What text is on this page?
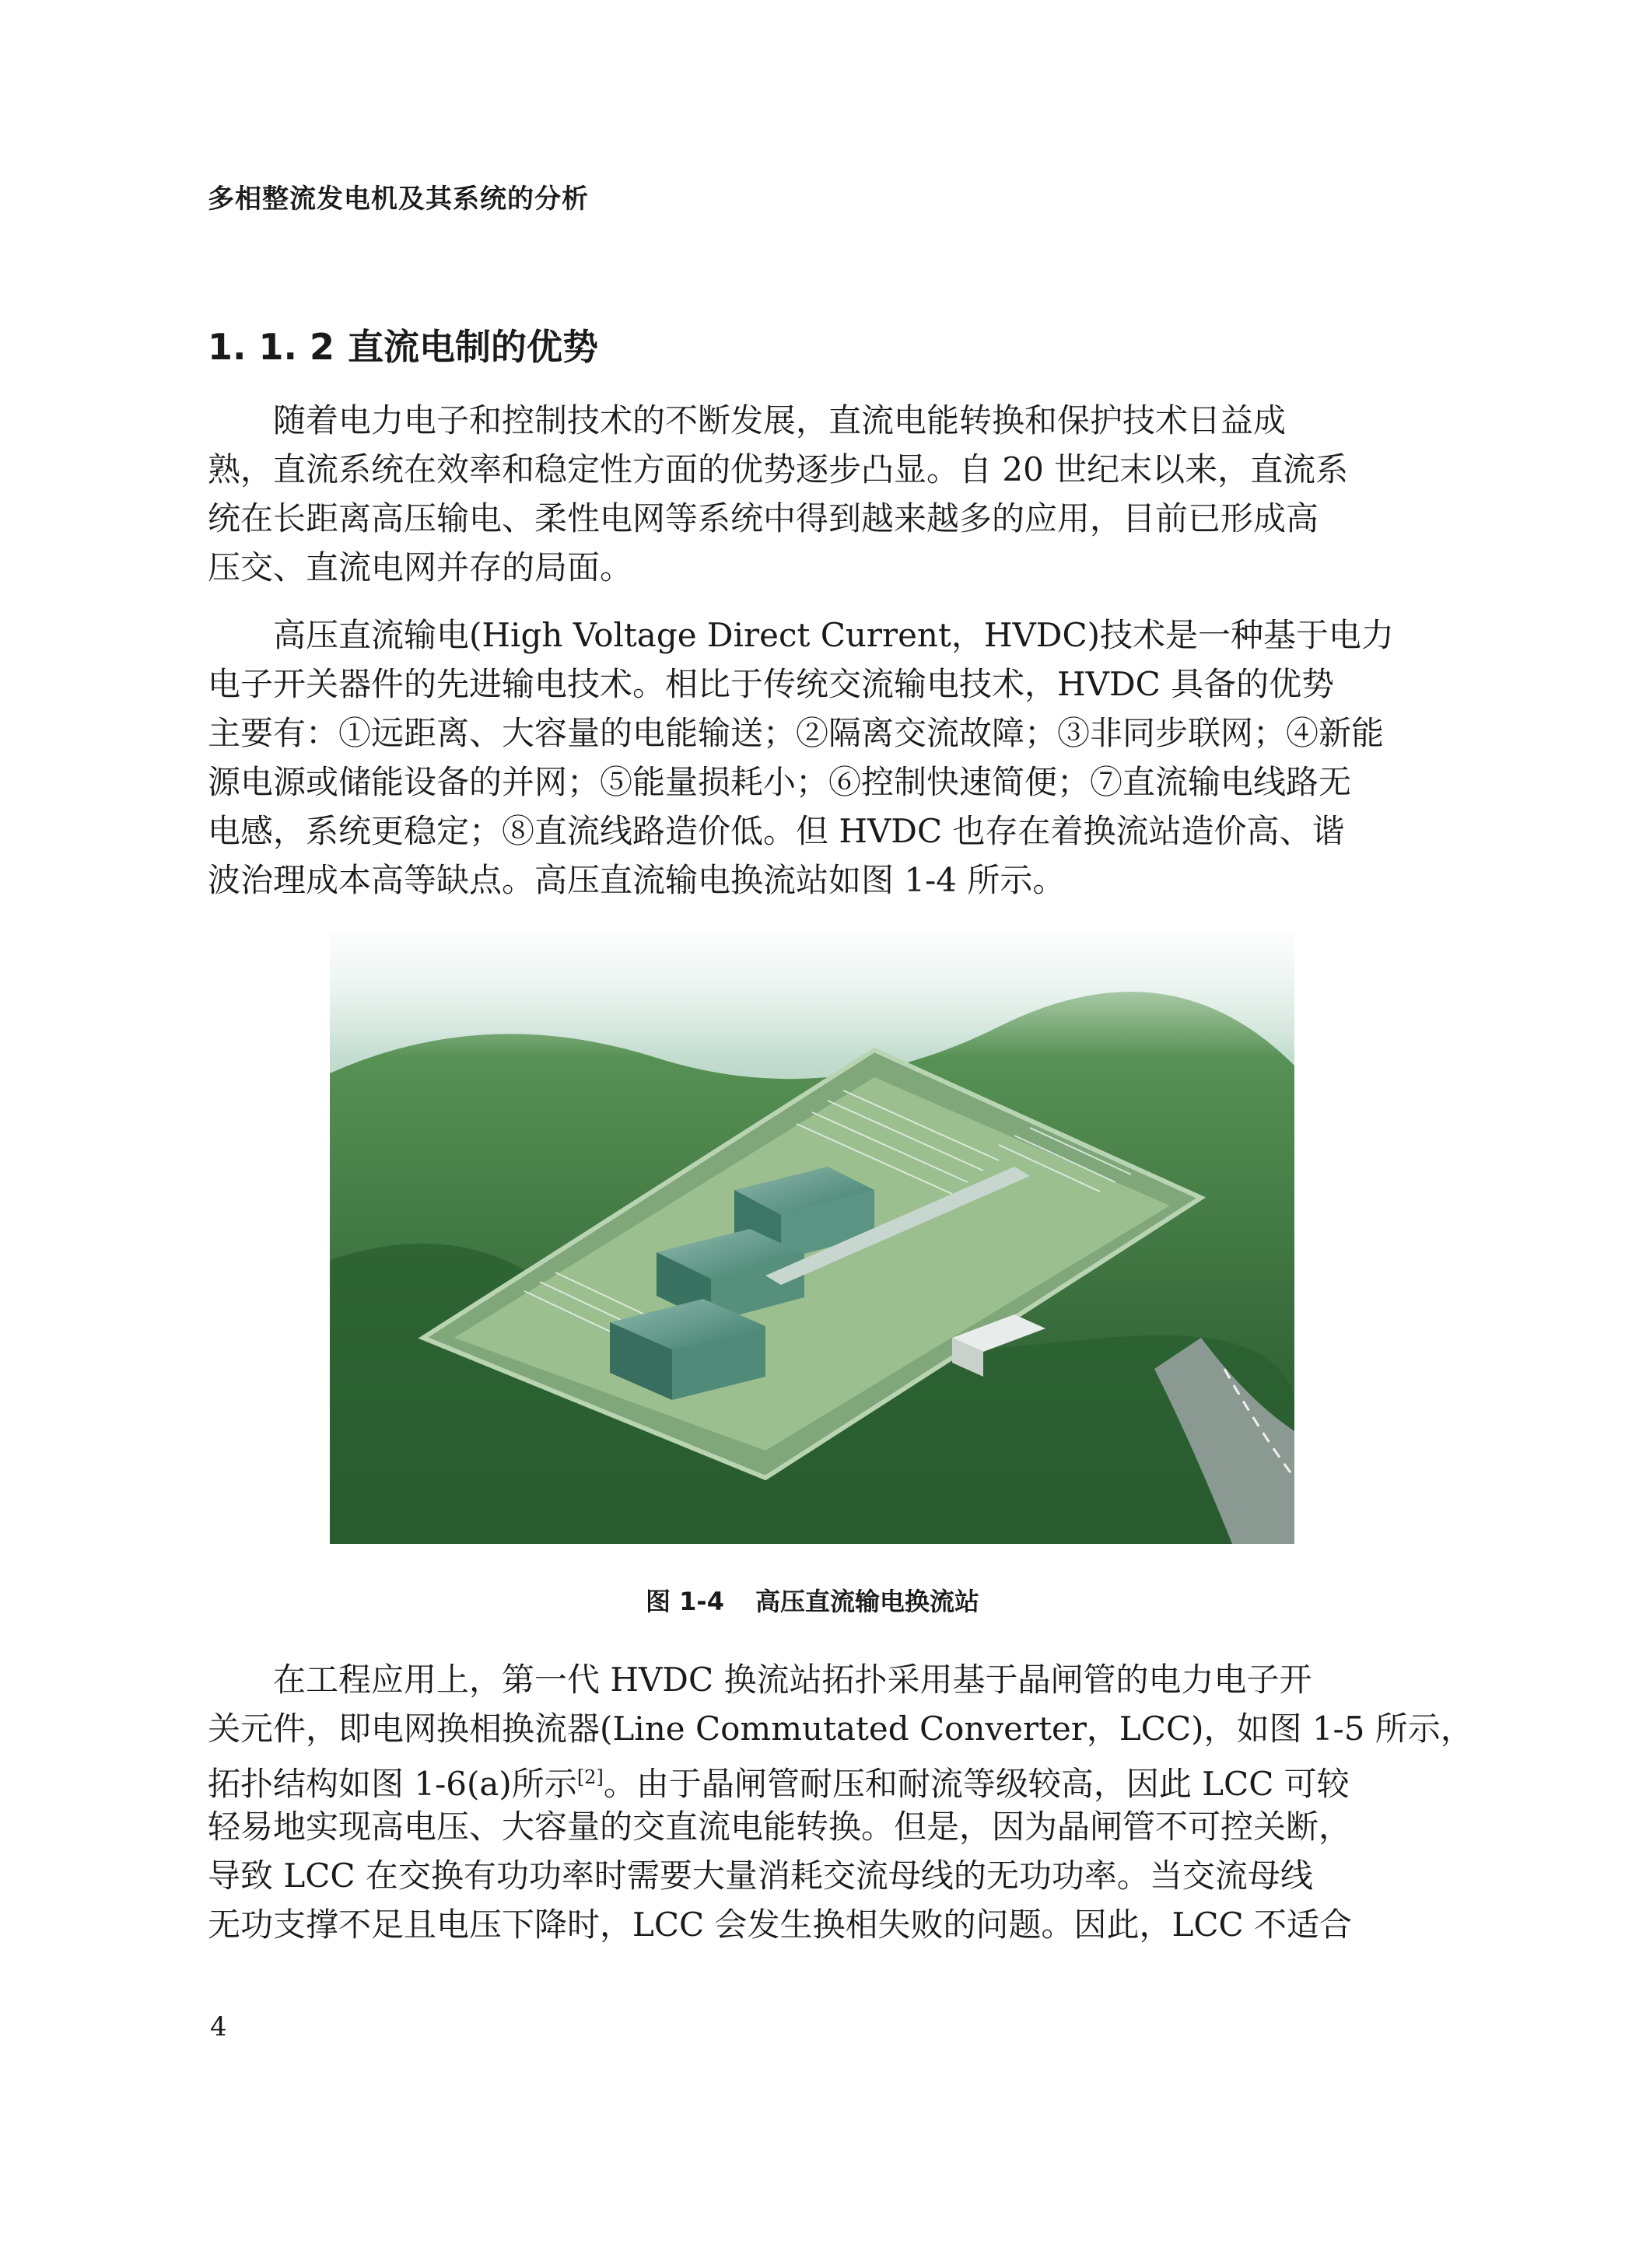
多相整流发电机及其系统的分析
1. 1. 2 直流电制的优势
　　随着电力电子和控制技术的不断发展，直流电能转换和保护技术日益成
熟，直流系统在效率和稳定性方面的优势逐步凸显。自 20 世纪末以来，直流系
统在长距离高压输电、柔性电网等系统中得到越来越多的应用，目前已形成高
压交、直流电网并存的局面。
　　高压直流输电(High Voltage Direct Current，HVDC)技术是一种基于电力
电子开关器件的先进输电技术。相比于传统交流输电技术，HVDC 具备的优势
主要有：①远距离、大容量的电能输送；②隔离交流故障；③非同步联网；④新能
源电源或储能设备的并网；⑤能量损耗小；⑥控制快速简便；⑦直流输电线路无
电感，系统更稳定；⑧直流线路造价低。但 HVDC 也存在着换流站造价高、谐
波治理成本高等缺点。高压直流输电换流站如图 1-4 所示。
图 1-4 高压直流输电换流站
　　在工程应用上，第一代 HVDC 换流站拓扑采用基于晶闸管的电力电子开
关元件，即电网换相换流器(Line Commutated Converter，LCC)，如图 1-5 所示，
拓扑结构如图 1-6(a)所示[2]。由于晶闸管耐压和耐流等级较高，因此 LCC 可较
轻易地实现高电压、大容量的交直流电能转换。但是，因为晶闸管不可控关断，
导致 LCC 在交换有功功率时需要大量消耗交流母线的无功功率。当交流母线
无功支撑不足且电压下降时，LCC 会发生换相失败的问题。因此，LCC 不适合
4
